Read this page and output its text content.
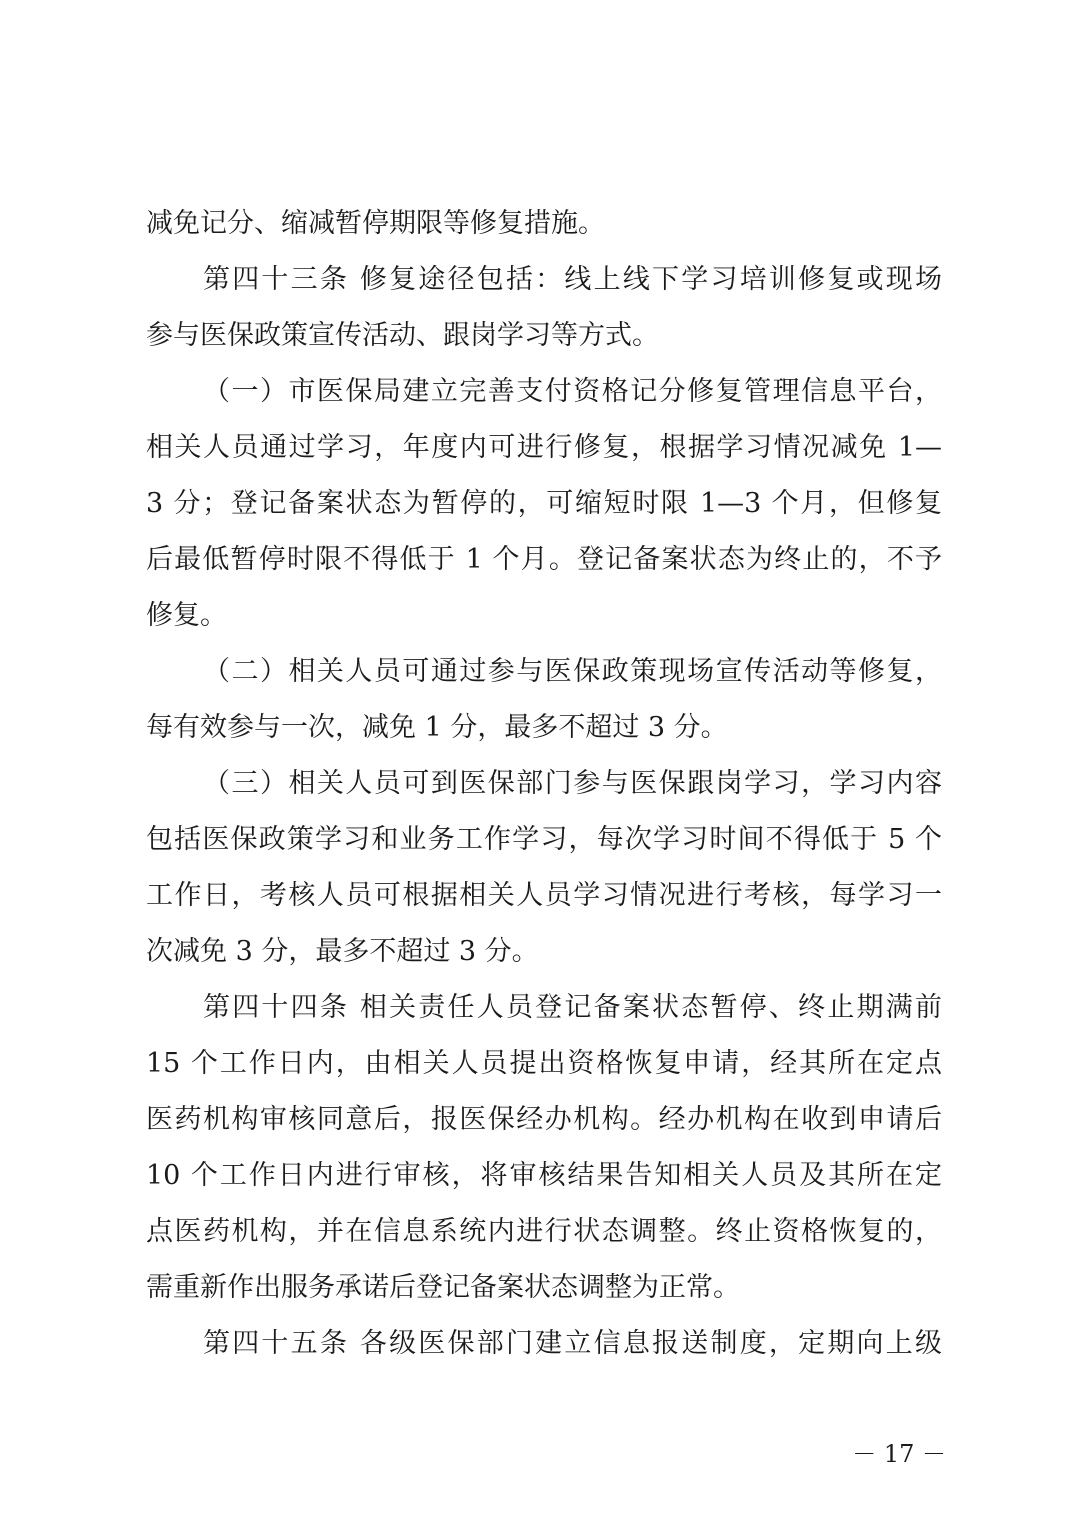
减免记分、缩减暂停期限等修复措施。
第四十三条 修复途径包括：线上线下学习培训修复或现场
参与医保政策宣传活动、跟岗学习等方式。
（一）市医保局建立完善支付资格记分修复管理信息平台，
相关人员通过学习，年度内可进行修复，根据学习情况减免 1—
3 分；登记备案状态为暂停的，可缩短时限 1—3 个月，但修复
后最低暂停时限不得低于 1 个月。登记备案状态为终止的，不予
修复。
（二）相关人员可通过参与医保政策现场宣传活动等修复，
每有效参与一次，减免 1 分，最多不超过 3 分。
（三）相关人员可到医保部门参与医保跟岗学习，学习内容
包括医保政策学习和业务工作学习，每次学习时间不得低于 5 个
工作日，考核人员可根据相关人员学习情况进行考核，每学习一
次减免 3 分，最多不超过 3 分。
第四十四条 相关责任人员登记备案状态暂停、终止期满前
15 个工作日内，由相关人员提出资格恢复申请，经其所在定点
医药机构审核同意后，报医保经办机构。经办机构在收到申请后
10 个工作日内进行审核，将审核结果告知相关人员及其所在定
点医药机构，并在信息系统内进行状态调整。终止资格恢复的，
需重新作出服务承诺后登记备案状态调整为正常。
第四十五条 各级医保部门建立信息报送制度，定期向上级
－ 17 －
